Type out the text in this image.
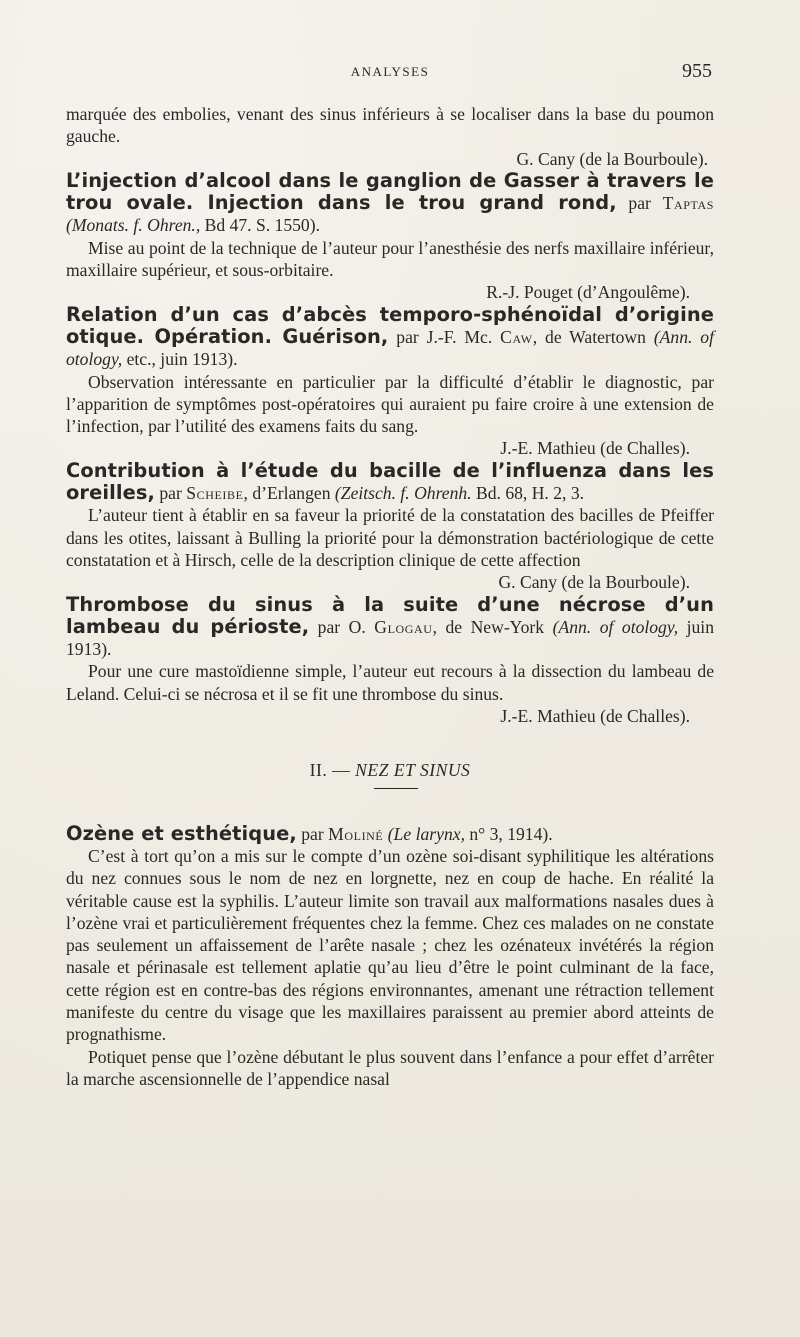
ANALYSES	955

marquée des embolies, venant des sinus inférieurs à se localiser dans la base du poumon gauche.

G. Cany (de la Bourboule).

L’injection d’alcool dans le ganglion de Gasser à travers le trou ovale. Injection dans le trou grand rond, par Taptas (Monats. f. Ohren., Bd 47. S. 1550).

Mise au point de la technique de l’auteur pour l’anesthésie des nerfs maxillaire inférieur, maxillaire supérieur, et sous-orbitaire.

R.-J. Pouget (d’Angoulême).

Relation d’un cas d’abcès temporo-sphénoïdal d’origine otique. Opération. Guérison, par J.-F. Mc. Caw, de Watertown (Ann. of otology, etc., juin 1913).

Observation intéressante en particulier par la difficulté d’établir le diagnostic, par l’apparition de symptômes post-opératoires qui auraient pu faire croire à une extension de l’infection, par l’utilité des examens faits du sang.

J.-E. Mathieu (de Challes).

Contribution à l’étude du bacille de l’influenza dans les oreilles, par Scheibe, d’Erlangen (Zeitsch. f. Ohrenh. Bd. 68, H. 2, 3.

L’auteur tient à établir en sa faveur la priorité de la constatation des bacilles de Pfeiffer dans les otites, laissant à Bulling la priorité pour la démonstration bactériologique de cette constatation et à Hirsch, celle de la description clinique de cette affection

G. Cany (de la Bourboule).

Thrombose du sinus à la suite d’une nécrose d’un lambeau du périoste, par O. Glogau, de New-York (Ann. of otology, juin 1913).

Pour une cure mastoïdienne simple, l’auteur eut recours à la dissection du lambeau de Leland. Celui-ci se nécrosa et il se fit une thrombose du sinus.

J.-E. Mathieu (de Challes).

II. — NEZ ET SINUS

Ozène et esthétique, par Moliné (Le larynx, n° 3, 1914).

C’est à tort qu’on a mis sur le compte d’un ozène soi-disant syphilitique les altérations du nez connues sous le nom de nez en lorgnette, nez en coup de hache. En réalité la véritable cause est la syphilis. L’auteur limite son travail aux malformations nasales dues à l’ozène vrai et particulièrement fréquentes chez la femme. Chez ces malades on ne constate pas seulement un affaissement de l’arête nasale ; chez les ozénateux invétérés la région nasale et périnasale est tellement aplatie qu’au lieu d’être le point culminant de la face, cette région est en contre-bas des régions environnantes, amenant une rétraction tellement manifeste du centre du visage que les maxillaires paraissent au premier abord atteints de prognathisme.

Potiquet pense que l’ozène débutant le plus souvent dans l’enfance a pour effet d’arrêter la marche ascensionnelle de l’appendice nasal
